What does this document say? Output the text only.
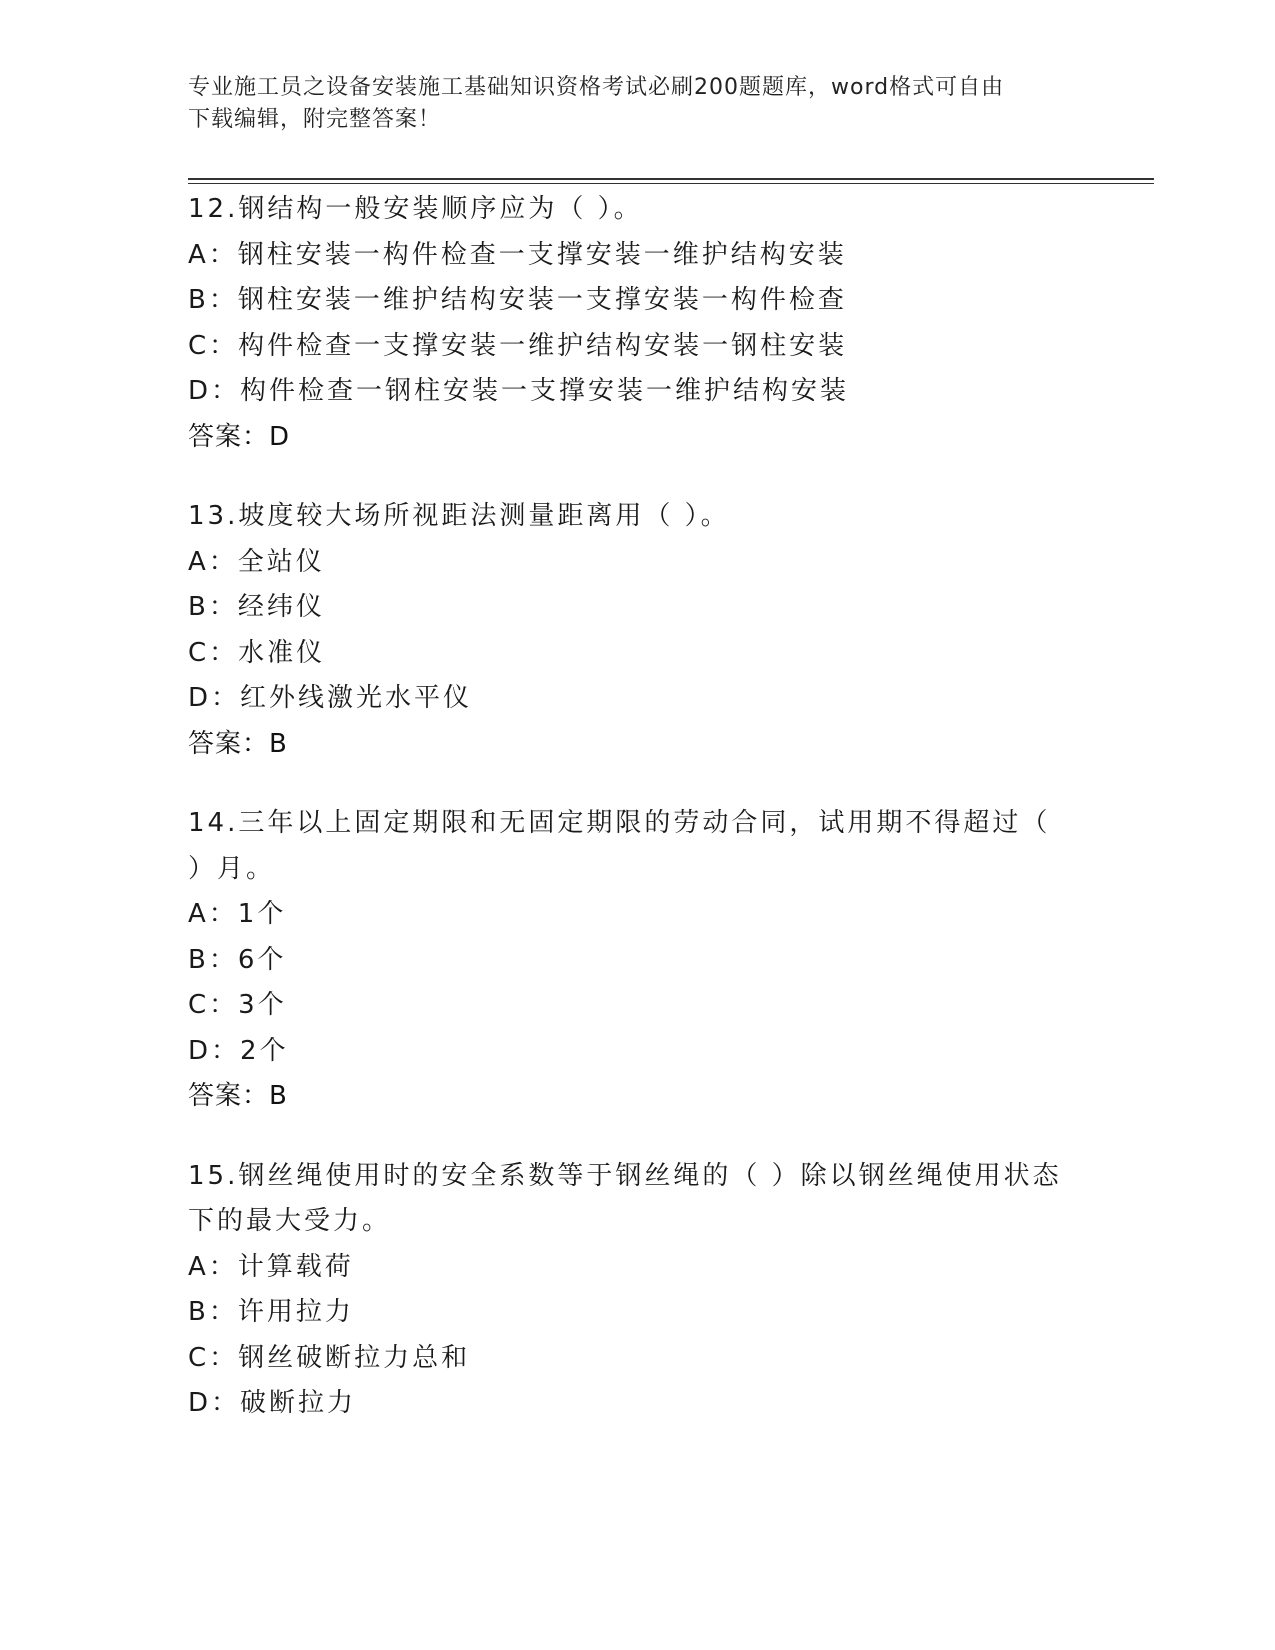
专业施工员之设备安装施工基础知识资格考试必刷200题题库，word格式可自由
下载编辑，附完整答案！
12.钢结构一般安装顺序应为（ ）。
A：钢柱安装一构件检查一支撑安装一维护结构安装
B：钢柱安装一维护结构安装一支撑安装一构件检查
C：构件检查一支撑安装一维护结构安装一钢柱安装
D：构件检查一钢柱安装一支撑安装一维护结构安装
答案：D
13.坡度较大场所视距法测量距离用（ ）。
A：全站仪
B：经纬仪
C：水准仪
D：红外线激光水平仪
答案：B
14.三年以上固定期限和无固定期限的劳动合同，试用期不得超过（
）月。
A：1个
B：6个
C：3个
D：2个
答案：B
15.钢丝绳使用时的安全系数等于钢丝绳的（ ）除以钢丝绳使用状态
下的最大受力。
A：计算载荷
B：许用拉力
C：钢丝破断拉力总和
D：破断拉力
